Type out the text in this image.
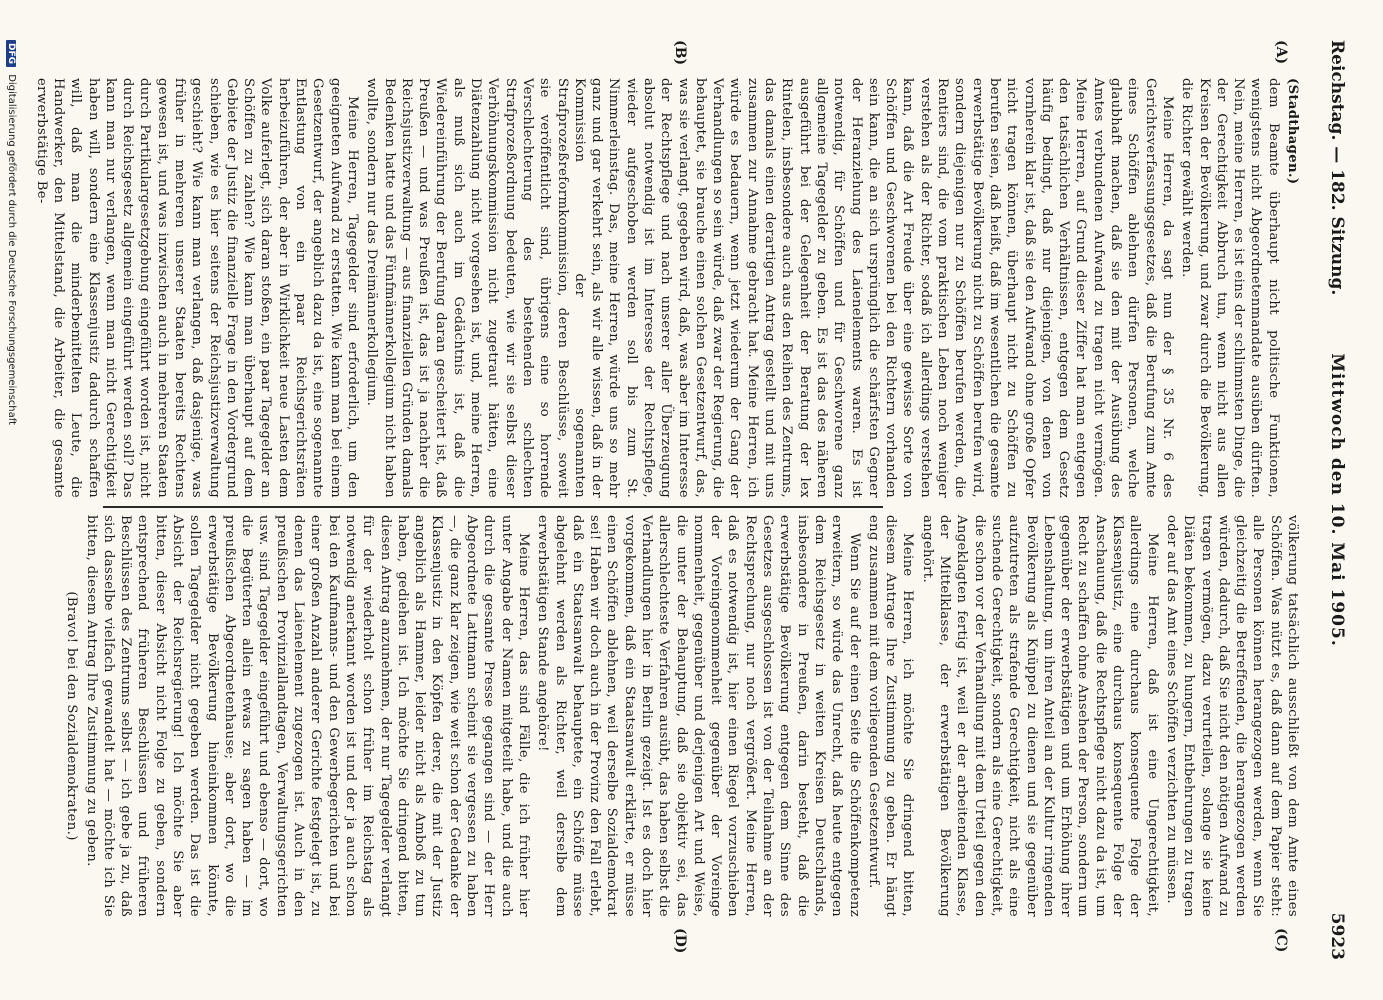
Reichstag. — 182. Sitzung.
Mittwoch den 10. Mai 1905.
5923
(A)
(B)
(C)
(D)

(Stadthagen.)

dem Beamte überhaupt nicht politische Funktionen, wenigstens nicht Abgeordnetenmandate ausüben dürften. Nein, meine Herren, es ist eins der schlimmsten Dinge, die der Gerechtigkeit Abbruch tun, wenn nicht aus allen Kreisen der Bevölkerung, und zwar durch die Bevölkerung, die Richter gewählt werden.

Meine Herren, da sagt nun der § 35 Nr. 6 des Gerichtsverfassungsgesetzes, daß die Berufung zum Amte eines Schöffen ablehnen dürfen Personen, welche glaubhaft machen, daß sie den mit der Ausübung des Amtes verbundenen Aufwand zu tragen nicht vermögen. Meine Herren, auf Grund dieser Ziffer hat man entgegen den tatsächlichen Verhältnissen, entgegen dem Gesetz häufig bedingt, daß nur diejenigen, von denen von vornherein klar ist, daß sie den Aufwand ohne große Opfer nicht tragen können, überhaupt nicht zu Schöffen zu berufen seien, daß heißt, daß im wesentlichen die gesamte erwerbstätige Bevölkerung nicht zu Schöffen berufen wird, sondern diejenigen nur zu Schöffen berufen werden, die Rentiers sind, die vom praktischen Leben noch weniger verstehen als der Richter, sodaß ich allerdings verstehen kann, daß die Art Freude über eine gewisse Sorte von Schöffen und Geschworenen bei den Richtern vorhanden sein kann, die an sich ursprünglich die schärfsten Gegner der Heranziehung des Laienelements waren. Es ist notwendig, für Schöffen und für Geschworene ganz allgemeine Tagegelder zu geben. Es ist das des näheren ausgeführt bei der Gelegenheit der Beratung der lex Rintelen, insbesondere auch aus den Reihen des Zentrums, das damals einen derartigen Antrag gestellt und mit uns zusammen zur Annahme gebracht hat. Meine Herren, ich würde es bedauern, wenn jetzt wiederum der Gang der Verhandlungen so sein würde, daß zwar der Regierung, die behauptet, sie brauche einen solchen Gesetzentwurf, das, was sie verlangt, gegeben wird, daß, was aber im Interesse der Rechtspflege und nach unserer aller Überzeugung absolut notwendig ist im Interesse der Rechtspflege, wieder aufgeschoben werden soll bis zum St. Nimmerleinstag. Das, meine Herren, würde uns so mehr ganz und gar verkehrt sein, als wir alle wissen, daß in der Kommission der sogenannten Strafprozeßreformkommission, deren Beschlüsse, soweit sie veröffentlicht sind, übrigens eine so horrende Verschlechterung des bestehenden schlechten Strafprozeßordnung bedeuten, wie wir sie selbst dieser Verhöhnungskommission nicht zugetraut hätten, eine Diätenzahlung nicht vorgesehen ist, und, meine Herren, als muß sich auch im Gedächtnis ist, daß die Wiedereinführung der Berufung daran gescheitert ist, daß Preußen — und was Preußen ist, das ist ja nachher die Reichsjustizverwaltung — aus finanziellen Gründen damals Bedenken hatte und das Fünfmännerkollegium nicht haben wollte, sondern nur das Dreimännerkollegium.

Meine Herren, Tagegelder sind erforderlich, um den geeigneten Aufwand zu erstatten. Wie kann man bei einem Gesetzentwurf, der angeblich dazu da ist, eine sogenannte Entlastung von ein paar Reichsgerichtsräten herbeizuführen, der aber in Wirklichkeit neue Lasten dem Volke auferlegt, sich daran stoßen, ein paar Tagegelder an Schöffen zu zahlen? Wie kann man überhaupt auf dem Gebiete der Justiz die finanzielle Frage in den Vordergrund schieben, wie es hier seitens der Reichsjustizverwaltung geschieht? Wie kann man verlangen, daß dasjenige, was früher in mehreren unserer Staaten bereits Rechtens gewesen ist, und was inzwischen auch in mehreren Staaten durch Partikulargesetzgebung eingeführt worden ist, nicht durch Reichsgesetz allgemein eingeführt werden soll? Das kann man nur verlangen, wenn man nicht Gerechtigkeit haben will, sondern eine Klassenjustiz dadurch schaffen will, daß man die minderbemittelten Leute, die Handwerker, den Mittelstand, die Arbeiter, die gesamte erwerbstätige Be-

völkerung tatsächlich ausschließt von dem Amte eines Schöffen. Was nützt es, daß dann auf dem Papier steht: alle Personen können herangezogen werden, wenn Sie gleichzeitig die Betreffenden, die herangezogen werden würden, dadurch, daß Sie nicht den nötigen Aufwand zu tragen vermögen, dazu verurteilen, solange sie keine Diäten bekommen, zu hungern, Entbehrungen zu tragen oder auf das Amt eines Schöffen verzichten zu müssen.

Meine Herren, daß ist eine Ungerechtigkeit, allerdings eine durchaus konsequente Folge der Klassenjustiz, eine durchaus konsequente Folge der Anschauung, daß die Rechtspflege nicht dazu da ist, um Recht zu schaffen ohne Ansehen der Person, sondern um gegenüber der erwerbstätigen und um Erhöhung ihrer Lebenshaltung, um ihren Anteil an der Kultur ringenden Bevölkerung als Knüppel zu dienen und sie gegenüber aufzutreten als strafende Gerechtigkeit, nicht als eine suchende Gerechtigkeit, sondern als eine Gerechtigkeit, die schon vor der Verhandlung mit dem Urteil gegen den Angeklagten fertig ist, weil er der arbeitenden Klasse, der Mittelklasse, der erwerbstätigen Bevölkerung angehört.

Meine Herren, ich möchte Sie dringend bitten, diesem Antrage Ihre Zustimmung zu geben. Er hängt eng zusammen mit dem vorliegenden Gesetzentwurf.

Wenn Sie auf der einen Seite die Schöffenkompetenz erweitern, so würde das Unrecht, daß heute entgegen dem Reichsgesetz in weiten Kreisen Deutschlands, insbesondere in Preußen, darin besteht, daß die erwerbstätige Bevölkerung entgegen dem Sinne des Gesetzes ausgeschlossen ist von der Teilnahme an der Rechtsprechung, nur noch vergrößert. Meine Herren, daß es notwendig ist, hier einen Riegel vorzuschieben der Voreingenommenheit gegenüber der Voreinge nommenheit, gegenüber und derjenigen Art und Weise, die unter der Behauptung, daß sie objektiv sei, das allerschlechteste Verfahren ausübt, das haben selbst die Verhandlungen hier in Berlin gezeigt. Ist es doch hier vorgekommen, daß ein Staatsanwalt erklärte, er müsse einen Schöffen ablehnen, weil derselbe Sozialdemokrat sei! Haben wir doch auch in der Provinz den Fall erlebt, daß ein Staatsanwalt behauptete, ein Schöffe müsse abgelehnt werden als Richter, weil derselbe dem erwerbstätigen Stande angehöre!

Meine Herren, das sind Fälle, die ich früher hier unter Angabe der Namen mitgeteilt habe, und die auch durch die gesamte Presse gegangen sind — der Herr Abgeordnete Lattmann scheint sie vergessen zu haben —, die ganz klar zeigen, wie weit schon der Gedanke der Klassenjustiz in den Köpfen derer, die mit der Justiz angeblich als Hammer, leider nicht als Amboß zu tun haben, gediehen ist. Ich möchte Sie dringend bitten, diesen Antrag anzunehmen, der nur Tagegelder verlangt für der wiederholt schon früher im Reichstag als notwendig anerkannt worden ist und der ja auch schon bei den Kaufmanns- und den Gewerbegerichten und bei einer großen Anzahl anderer Gerichte festgelegt ist, zu denen das Laienelement zugezogen ist. Auch in den preußischen Provinziallandtagen, Verwaltungsgerichten usw. sind Tagegelder eingeführt und ebenso — dort, wo die Begüterten allein etwas zu sagen haben — im preußischen Abgeordnetenhause; aber dort, wo die erwerbstätige Bevölkerung hineinkommen könnte, sollen Tagegelder nicht gegeben werden. Das ist die Absicht der Reichsregierung! Ich möchte Sie aber bitten, dieser Absicht nicht Folge zu geben, sondern entsprechend früheren Beschlüssen und früheren Beschlüssen des Zentrums selbst — ich gebe ja zu, daß sich dasselbe vielfach gewandelt hat — möchte ich Sie bitten, diesem Antrag Ihre Zustimmung zu geben.

(Bravo! bei den Sozialdemokraten.)

DFG Digitalisierung gefördert durch die Deutsche Forschungsgemeinschaft
